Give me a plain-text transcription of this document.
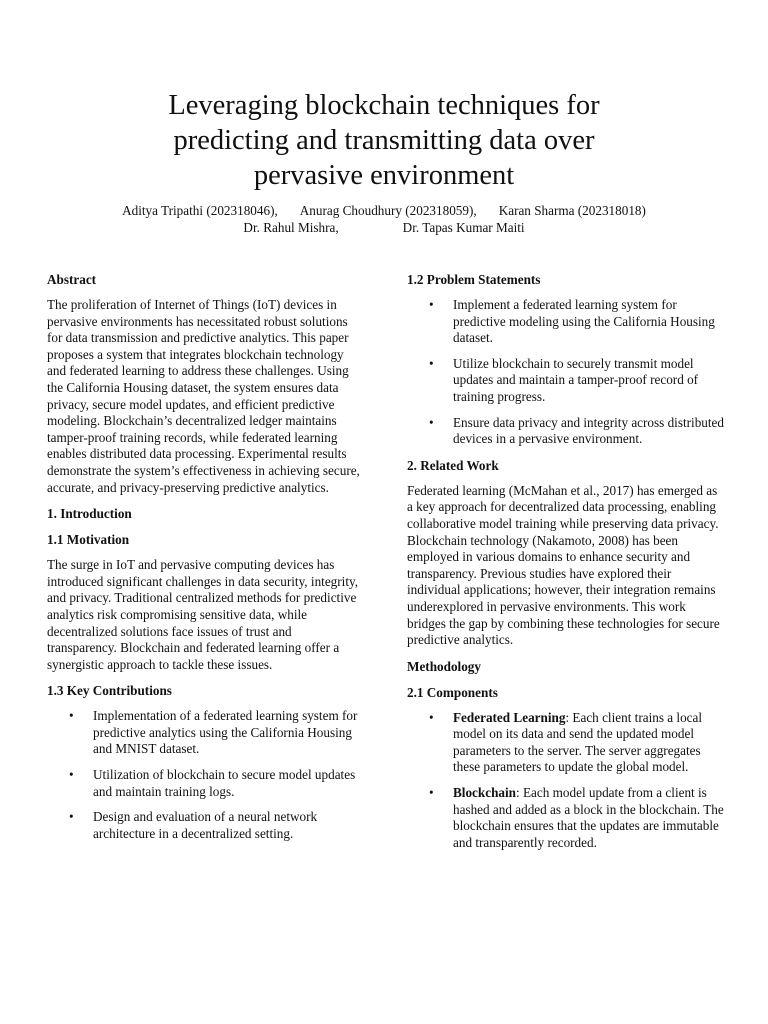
Leveraging blockchain techniques for
predicting and transmitting data over
pervasive environment
Aditya Tripathi (202318046), Anurag Choudhury (202318059), Karan Sharma (202318018)
Dr. Rahul Mishra,	Dr. Tapas Kumar Maiti
Abstract

The proliferation of Internet of Things (IoT) devices in pervasive environments has necessitated robust solutions for data transmission and predictive analytics. This paper proposes a system that integrates blockchain technology and federated learning to address these challenges. Using the California Housing dataset, the system ensures data privacy, secure model updates, and efficient predictive modeling. Blockchain’s decentralized ledger maintains tamper-proof training records, while federated learning enables distributed data processing. Experimental results demonstrate the system’s effectiveness in achieving secure, accurate, and privacy-preserving predictive analytics.

1. Introduction
1.1 Motivation

The surge in IoT and pervasive computing devices has introduced significant challenges in data security, integrity, and privacy. Traditional centralized methods for predictive analytics risk compromising sensitive data, while decentralized solutions face issues of trust and transparency. Blockchain and federated learning offer a synergistic approach to tackle these issues.

1.3 Key Contributions
• Implementation of a federated learning system for predictive analytics using the California Housing and MNIST dataset.
• Utilization of blockchain to secure model updates and maintain training logs.
• Design and evaluation of a neural network architecture in a decentralized setting.
1.2 Problem Statements
• Implement a federated learning system for predictive modeling using the California Housing dataset.
• Utilize blockchain to securely transmit model updates and maintain a tamper-proof record of training progress.
• Ensure data privacy and integrity across distributed devices in a pervasive environment.
2. Related Work

Federated learning (McMahan et al., 2017) has emerged as a key approach for decentralized data processing, enabling collaborative model training while preserving data privacy. Blockchain technology (Nakamoto, 2008) has been employed in various domains to enhance security and transparency. Previous studies have explored their individual applications; however, their integration remains underexplored in pervasive environments. This work bridges the gap by combining these technologies for secure predictive analytics.

Methodology
2.1 Components
• Federated Learning: Each client trains a local model on its data and send the updated model parameters to the server. The server aggregates these parameters to update the global model.
• Blockchain: Each model update from a client is hashed and added as a block in the blockchain. The blockchain ensures that the updates are immutable and transparently recorded.
